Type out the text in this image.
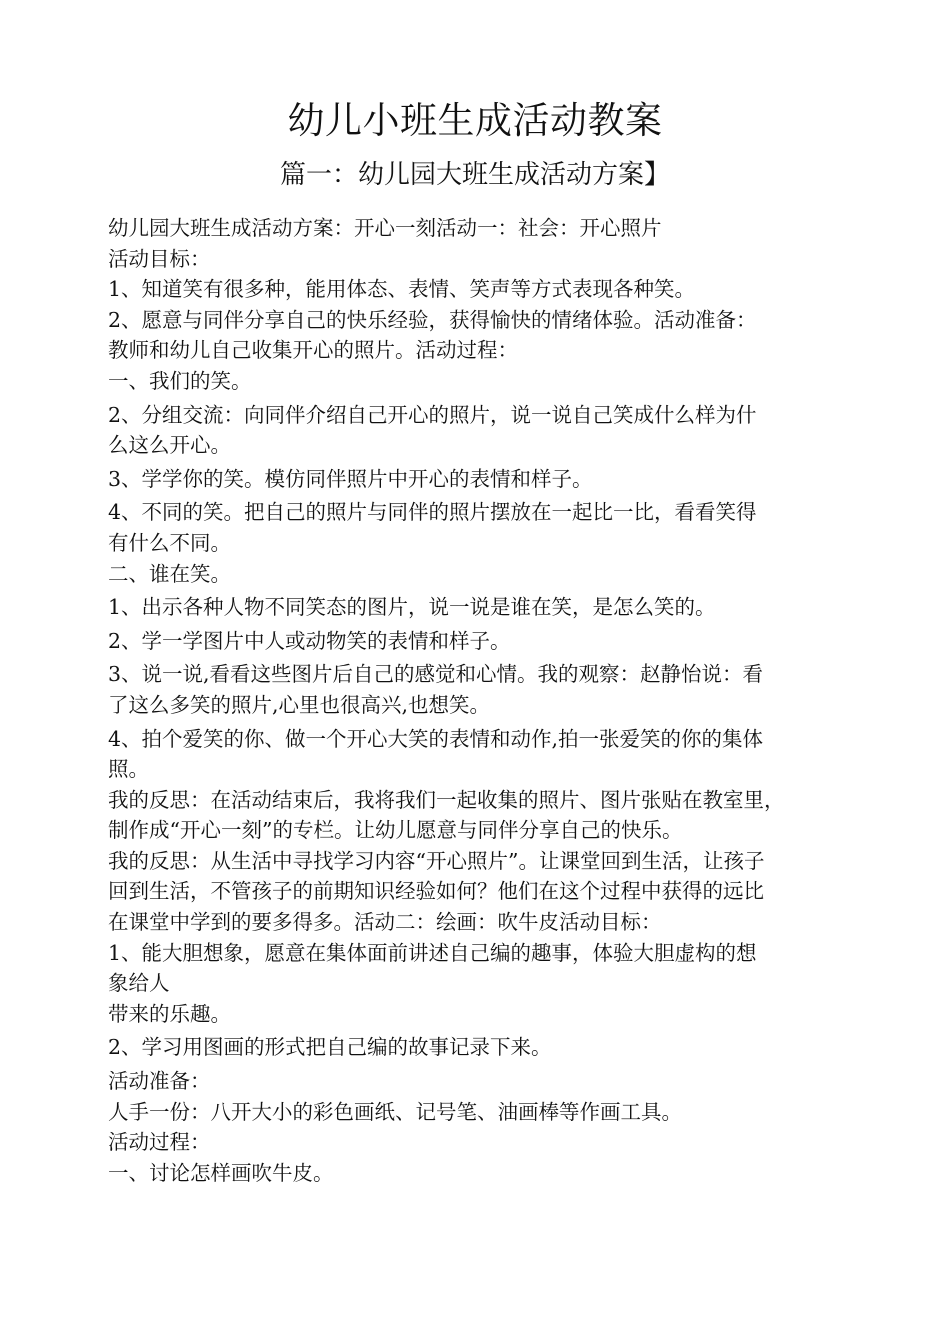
幼儿小班生成活动教案
篇一：幼儿园大班生成活动方案】

幼儿园大班生成活动方案：开心一刻活动一：社会：开心照片

活动目标：

1、知道笑有很多种，能用体态、表情、笑声等方式表现各种笑。

2、愿意与同伴分享自己的快乐经验，获得愉快的情绪体验。活动准备：

教师和幼儿自己收集开心的照片。活动过程：

一、我们的笑。

2、分组交流：向同伴介绍自己开心的照片，说一说自己笑成什么样为什

么这么开心。

3、学学你的笑。模仿同伴照片中开心的表情和样子。

4、不同的笑。把自己的照片与同伴的照片摆放在一起比一比，看看笑得

有什么不同。

二、谁在笑。

1、出示各种人物不同笑态的图片，说一说是谁在笑，是怎么笑的。

2、学一学图片中人或动物笑的表情和样子。

3、说一说,看看这些图片后自己的感觉和心情。我的观察：赵静怡说：看

了这么多笑的照片,心里也很高兴,也想笑。

4、拍个爱笑的你、做一个开心大笑的表情和动作,拍一张爱笑的你的集体

照。

我的反思：在活动结束后，我将我们一起收集的照片、图片张贴在教室里，

制作成“开心一刻”的专栏。让幼儿愿意与同伴分享自己的快乐。

我的反思：从生活中寻找学习内容“开心照片”。让课堂回到生活，让孩子

回到生活，不管孩子的前期知识经验如何？他们在这个过程中获得的远比

在课堂中学到的要多得多。活动二：绘画：吹牛皮活动目标：

1、能大胆想象，愿意在集体面前讲述自己编的趣事，体验大胆虚构的想

象给人

带来的乐趣。

2、学习用图画的形式把自己编的故事记录下来。

活动准备：

人手一份：八开大小的彩色画纸、记号笔、油画棒等作画工具。

活动过程：

一、讨论怎样画吹牛皮。
